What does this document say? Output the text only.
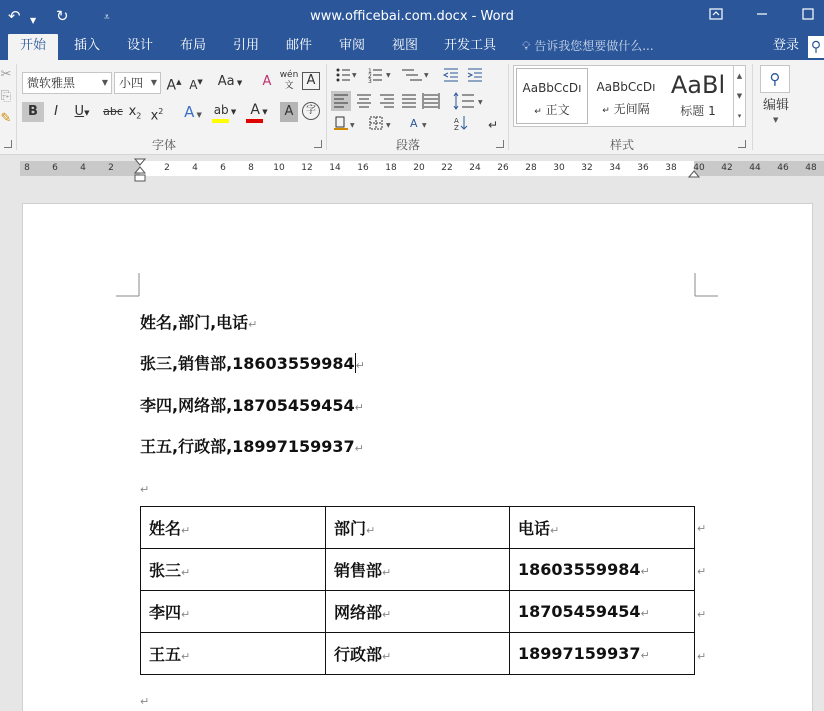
↶ ▼ ↻	⩡	www.officebai.com.docx - Word
开始	插入	设计	布局	引用	邮件	审阅	视图	开发工具	💡︎ 告诉我您想要做什么...	登录 ⚲
✂
⎘
✎
微软雅黑	▼ 小四 ▼ A▲ A▼ Aa ▼	A wén
文	A
B	I	U▼	abc $x_2$ $x^2$	A ▼ ab ▼	A ▼	A	字
字体
▼
1
2
3
▼	▼
▼
▼	▼ A ▼
A
Z ↵
段落
AaBbCcDı
↵ 正文
AaBbCcDı
↵ 无间隔
AaBl
标题 1
▲
▼
▾
样式
⚲
编辑
▼
8	6	4	2	2	4	6	8	10	12	14	16	18	20	22	24	26	28	30	32	34	36	38	40	42	44	46	48
姓名,部门,电话↵
张三,销售部,18603559984↵
李四,网络部,18705459454↵
王五,行政部,18997159937↵
↵
姓名↵	部门↵	电话↵
张三↵	销售部↵	18603559984↵
李四↵	网络部↵	18705459454↵
王五↵	行政部↵	18997159937↵
↵
↵
↵
↵
↵
